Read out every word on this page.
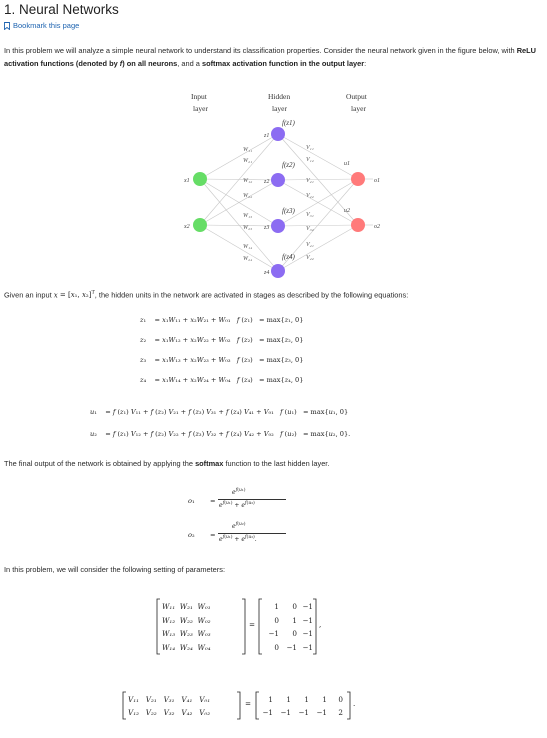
1. Neural Networks
Bookmark this page
In this problem we will analyze a simple neural network to understand its classification properties. Consider the neural network given in the figure below, with ReLU activation functions (denoted by f) on all neurons, and a softmax activation function in the output layer:
Input
layer
Hidden
layer
Output
layer
W₁₁
W₂₁
W₁₂
W₂₂
W₁₃
W₂₃
W₁₄
W₂₄
V₁₁
V₁₂
V₂₁
V₂₂
V₃₁
V₃₂
V₄₁
V₄₂
f(z1)
f(z2)
f(z3)
f(z4)
x1
x2
z1
z2
z3
z4
u1
u2
o1
o2
Given an input x = [x₁, x₂]$^T$, the hidden units in the network are activated in stages as described by the following equations:
z₁    = x₁W₁₁ + x₂W₂₁ + W₀₁   f (z₁)   = max{z₁, 0}
z₂    = x₁W₁₂ + x₂W₂₂ + W₀₂   f (z₂)   = max{z₂, 0}
z₃    = x₁W₁₃ + x₂W₂₃ + W₀₃   f (z₃)   = max{z₃, 0}
z₄    = x₁W₁₄ + x₂W₂₄ + W₀₄   f (z₄)   = max{z₄, 0}
u₁    = f (z₁) V₁₁ + f (z₂) V₂₁ + f (z₃) V₃₁ + f (z₄) V₄₁ + V₀₁   f (u₁)   = max{u₁, 0}
u₂    = f (z₁) V₁₂ + f (z₂) V₂₂ + f (z₃) V₃₂ + f (z₄) V₄₂ + V₀₂   f (u₂)   = max{u₂, 0}.
The final output of the network is obtained by applying the softmax function to the last hidden layer.
o₁ =
$e^{f(u_1)}$
$e^{f(u_1)} + e^{f(u_2)}$
o₂ =
$e^{f(u_2)}$
$e^{f(u_1)} + e^{f(u_2)}$.
In this problem, we will consider the following setting of parameters:
W₁₁  W₂₁  W₀₁
W₁₂  W₂₂  W₀₂
W₁₃  W₂₃  W₀₃
W₁₄  W₂₄  W₀₄
=
1	0 −1
0	1 −1
−1	0 −1
0	−1 −1
,
V₁₁   V₂₁   V₃₁   V₄₁   V₀₁
V₁₂   V₂₂   V₃₂   V₄₂   V₀₂
=	1	1	1	1	0
−1	−1	−1	−1	2
.
